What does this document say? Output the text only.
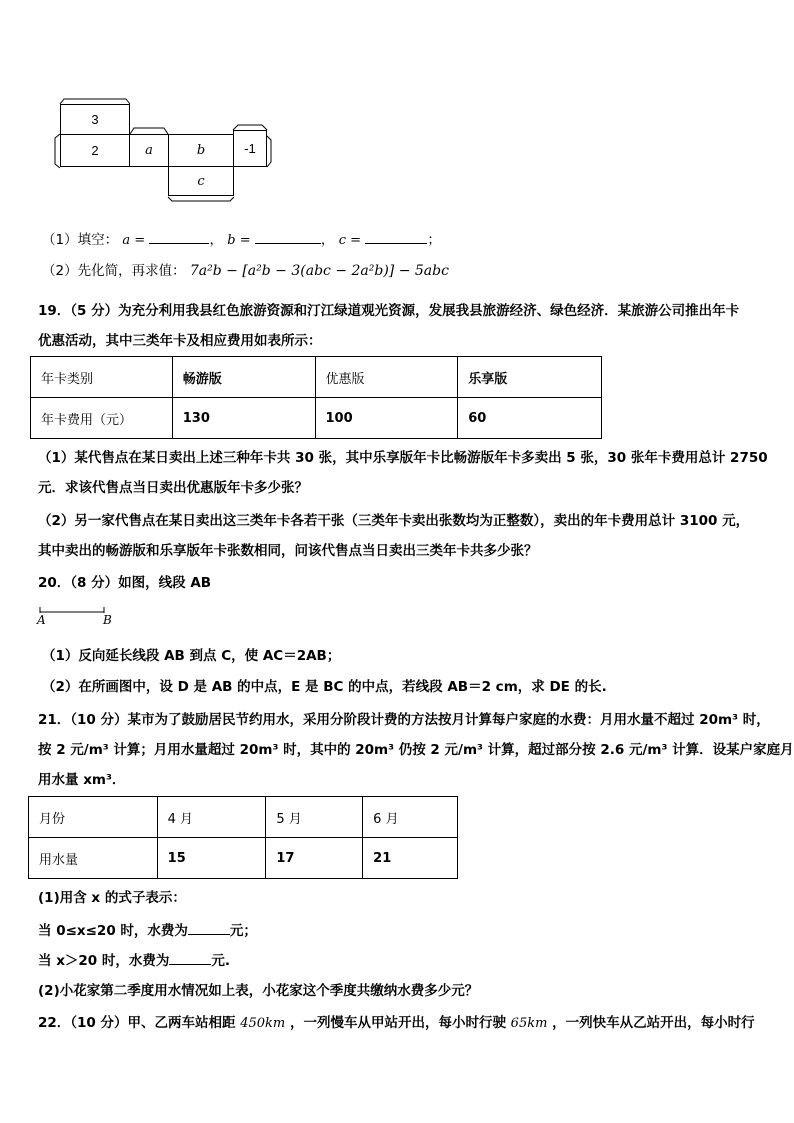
3
2	a	b	-1
c
（1）填空： a =	， b =	， c =	；
（2）先化简，再求值： 7a²b − [a²b − 3(abc − 2a²b)] − 5abc
19．（5 分）为充分利用我县红色旅游资源和汀江绿道观光资源，发展我县旅游经济、绿色经济．某旅游公司推出年卡
优惠活动，其中三类年卡及相应费用如表所示：
年卡类别	畅游版	优惠版	乐享版
年卡费用（元）	130	100	60
（1）某代售点在某日卖出上述三种年卡共 30 张，其中乐享版年卡比畅游版年卡多卖出 5 张，30 张年卡费用总计 2750
元．求该代售点当日卖出优惠版年卡多少张？
（2）另一家代售点在某日卖出这三类年卡各若干张（三类年卡卖出张数均为正整数），卖出的年卡费用总计 3100 元，
其中卖出的畅游版和乐享版年卡张数相同，问该代售点当日卖出三类年卡共多少张？
20．（8 分）如图，线段 AB
A	B
（1）反向延长线段 AB 到点 C，使 AC＝2AB；
（2）在所画图中，设 D 是 AB 的中点，E 是 BC 的中点，若线段 AB＝2 cm，求 DE 的长.
21．（10 分）某市为了鼓励居民节约用水，采用分阶段计费的方法按月计算每户家庭的水费：月用水量不超过 20m³ 时，
按 2 元/m³ 计算；月用水量超过 20m³ 时，其中的 20m³ 仍按 2 元/m³ 计算，超过部分按 2.6 元/m³ 计算．设某户家庭月
用水量 xm³．
月份	4 月	5 月	6 月
用水量	15	17	21
(1)用含 x 的式子表示：
当 0≤x≤20 时，水费为	元；
当 x＞20 时，水费为	元.
(2)小花家第二季度用水情况如上表，小花家这个季度共缴纳水费多少元？
22．（10 分）甲、乙两车站相距 450km ，一列慢车从甲站开出，每小时行驶 65km ，一列快车从乙站开出，每小时行
